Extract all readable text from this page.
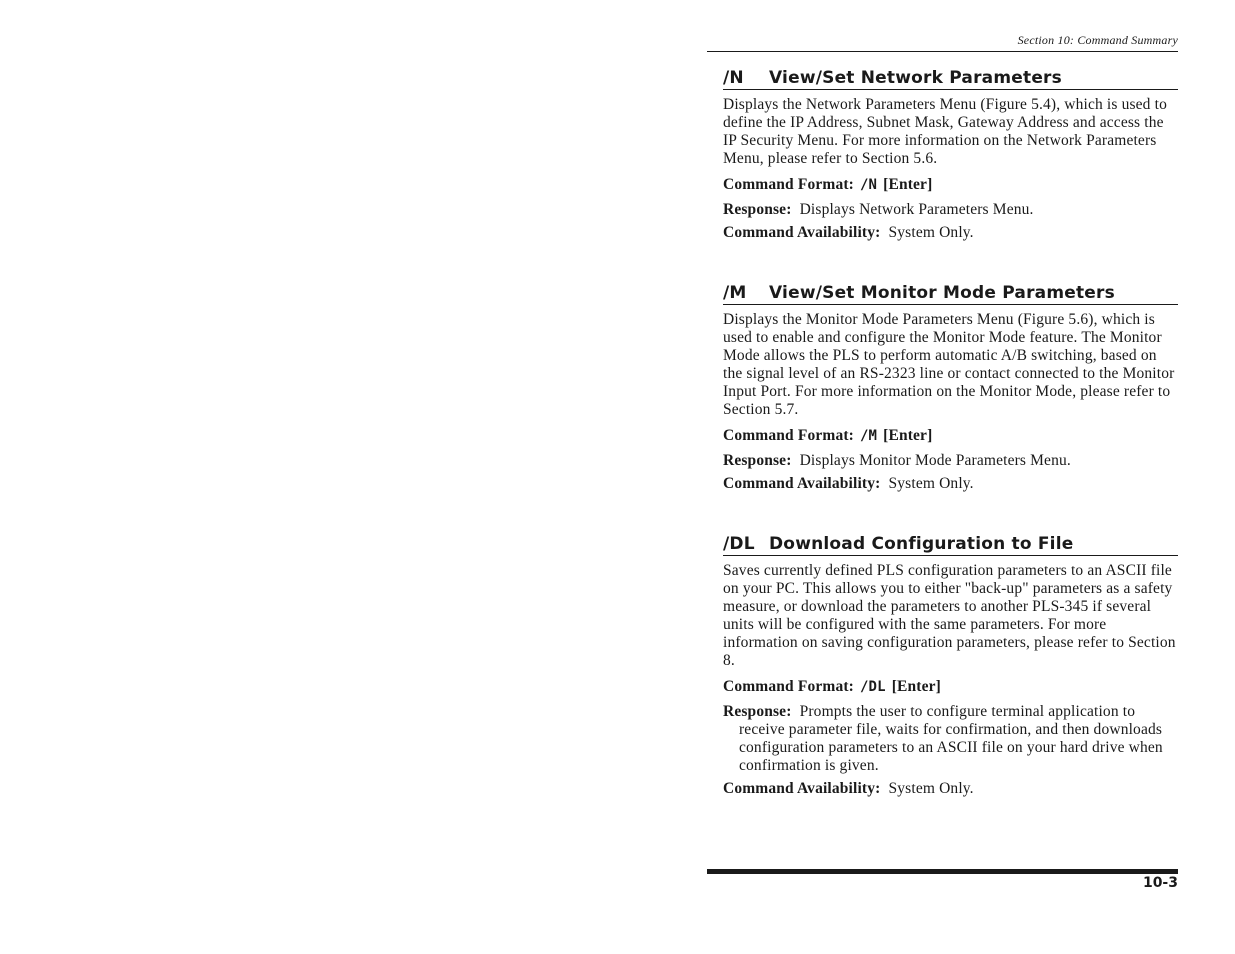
Section 10: Command Summary
/N	View/Set Network Parameters

Displays the Network Parameters Menu (Figure 5.4), which is used to define the IP Address, Subnet Mask, Gateway Address and access the IP Security Menu. For more information on the Network Parameters Menu, please refer to Section 5.6.

Command Format: /N [Enter]
Response: Displays Network Parameters Menu.
Command Availability: System Only.
/M	View/Set Monitor Mode Parameters

Displays the Monitor Mode Parameters Menu (Figure 5.6), which is used to enable and configure the Monitor Mode feature. The Monitor Mode allows the PLS to perform automatic A/B switching, based on the signal level of an RS-2323 line or contact connected to the Monitor Input Port. For more information on the Monitor Mode, please refer to Section 5.7.

Command Format: /M [Enter]
Response: Displays Monitor Mode Parameters Menu.
Command Availability: System Only.
/DL Download Configuration to File

Saves currently defined PLS configuration parameters to an ASCII file on your PC. This allows you to either "back-up" parameters as a safety measure, or download the parameters to another PLS-345 if several units will be configured with the same parameters. For more information on saving configuration parameters, please refer to Section 8.

Command Format: /DL [Enter]
Response: Prompts the user to configure terminal application to receive parameter file, waits for confirmation, and then downloads configuration parameters to an ASCII file on your hard drive when confirmation is given.
Command Availability: System Only.
10-3
